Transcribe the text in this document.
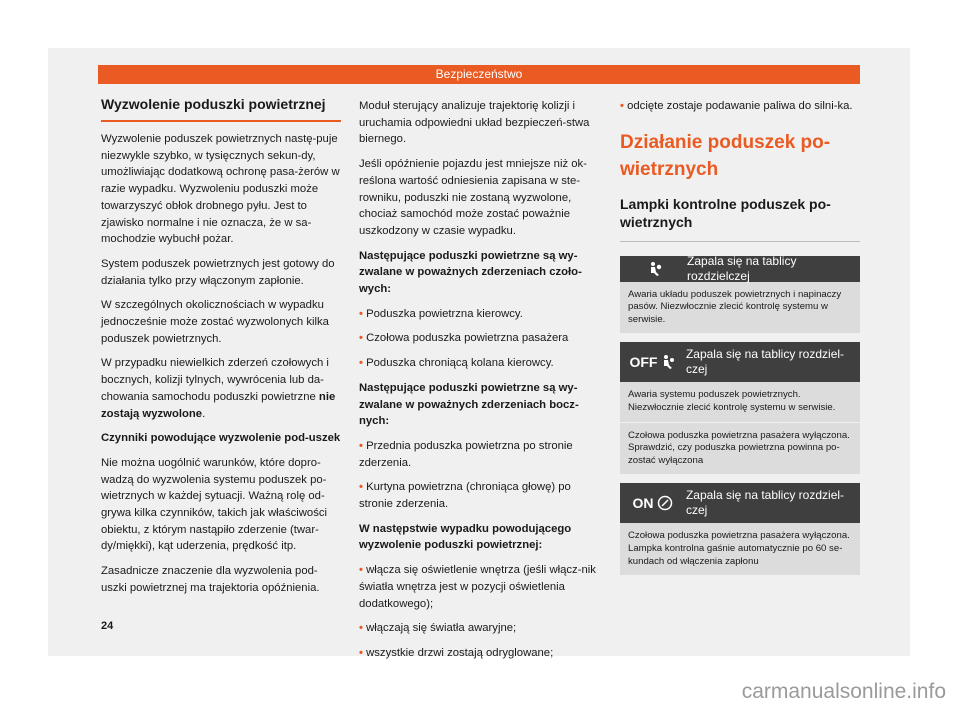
Bezpieczeństwo
Wyzwolenie poduszki powietrznej

Wyzwolenie poduszek powietrznych nastę-puje niezwykle szybko, w tysięcznych sekun-dy, umożliwiając dodatkową ochronę pasa-żerów w razie wypadku. Wyzwoleniu poduszki może towarzyszyć obłok drobnego pyłu. Jest to zjawisko normalne i nie oznacza, że w sa-mochodzie wybuchł pożar.

System poduszek powietrznych jest gotowy do działania tylko przy włączonym zapłonie.

W szczególnych okolicznościach w wypadku jednocześnie może zostać wyzwolonych kilka poduszek powietrznych.

W przypadku niewielkich zderzeń czołowych i bocznych, kolizji tylnych, wywrócenia lub da-chowania samochodu poduszki powietrzne nie zostają wyzwolone.

Czynniki powodujące wyzwolenie pod-uszek

Nie można uogólnić warunków, które dopro-wadzą do wyzwolenia systemu poduszek po-wietrznych w każdej sytuacji. Ważną rolę od-grywa kilka czynników, takich jak właściwości obiektu, z którym nastąpiło zderzenie (twar-dy/miękki), kąt uderzenia, prędkość itp.

Zasadnicze znaczenie dla wyzwolenia pod-uszki powietrznej ma trajektoria opóźnienia.

Moduł sterujący analizuje trajektorię kolizji i uruchamia odpowiedni układ bezpieczeń-stwa biernego.

Jeśli opóźnienie pojazdu jest mniejsze niż ok-reślona wartość odniesienia zapisana w ste-rowniku, poduszki nie zostaną wyzwolone, chociaż samochód może zostać poważnie uszkodzony w czasie wypadku.

Następujące poduszki powietrzne są wy-zwalane w poważnych zderzeniach czoło-wych:

• Poduszka powietrzna kierowcy.

• Czołowa poduszka powietrzna pasażera

• Poduszka chroniącą kolana kierowcy.

Następujące poduszki powietrzne są wy-zwalane w poważnych zderzeniach bocz-nych:

• Przednia poduszka powietrzna po stronie zderzenia.

• Kurtyna powietrzna (chroniąca głowę) po stronie zderzenia.

W następstwie wypadku powodującego wyzwolenie poduszki powietrznej:

• włącza się oświetlenie wnętrza (jeśli włącz-nik światła wnętrza jest w pozycji oświetlenia dodatkowego);

• włączają się światła awaryjne;

• wszystkie drzwi zostają odryglowane;

• odcięte zostaje podawanie paliwa do silni-ka.

Działanie poduszek po-wietrznych
Lampki kontrolne poduszek po-wietrznych
Zapala się na tablicy rozdzielczej
Awaria układu poduszek powietrznych i napinaczy pasów. Niezwłocznie zlecić kontrolę systemu w serwisie.
OFF Zapala się na tablicy rozdziel-czej
Awaria systemu poduszek powietrznych. Niezwłocznie zlecić kontrolę systemu w serwisie.
Czołowa poduszka powietrzna pasażera wyłączona. Sprawdzić, czy poduszka powietrzna powinna po-zostać wyłączona
ON	Zapala się na tablicy rozdziel-czej
Czołowa poduszka powietrzna pasażera wyłączona. Lampka kontrolna gaśnie automatycznie po 60 se-kundach od włączenia zapłonu
24
carmanualsonline.info
